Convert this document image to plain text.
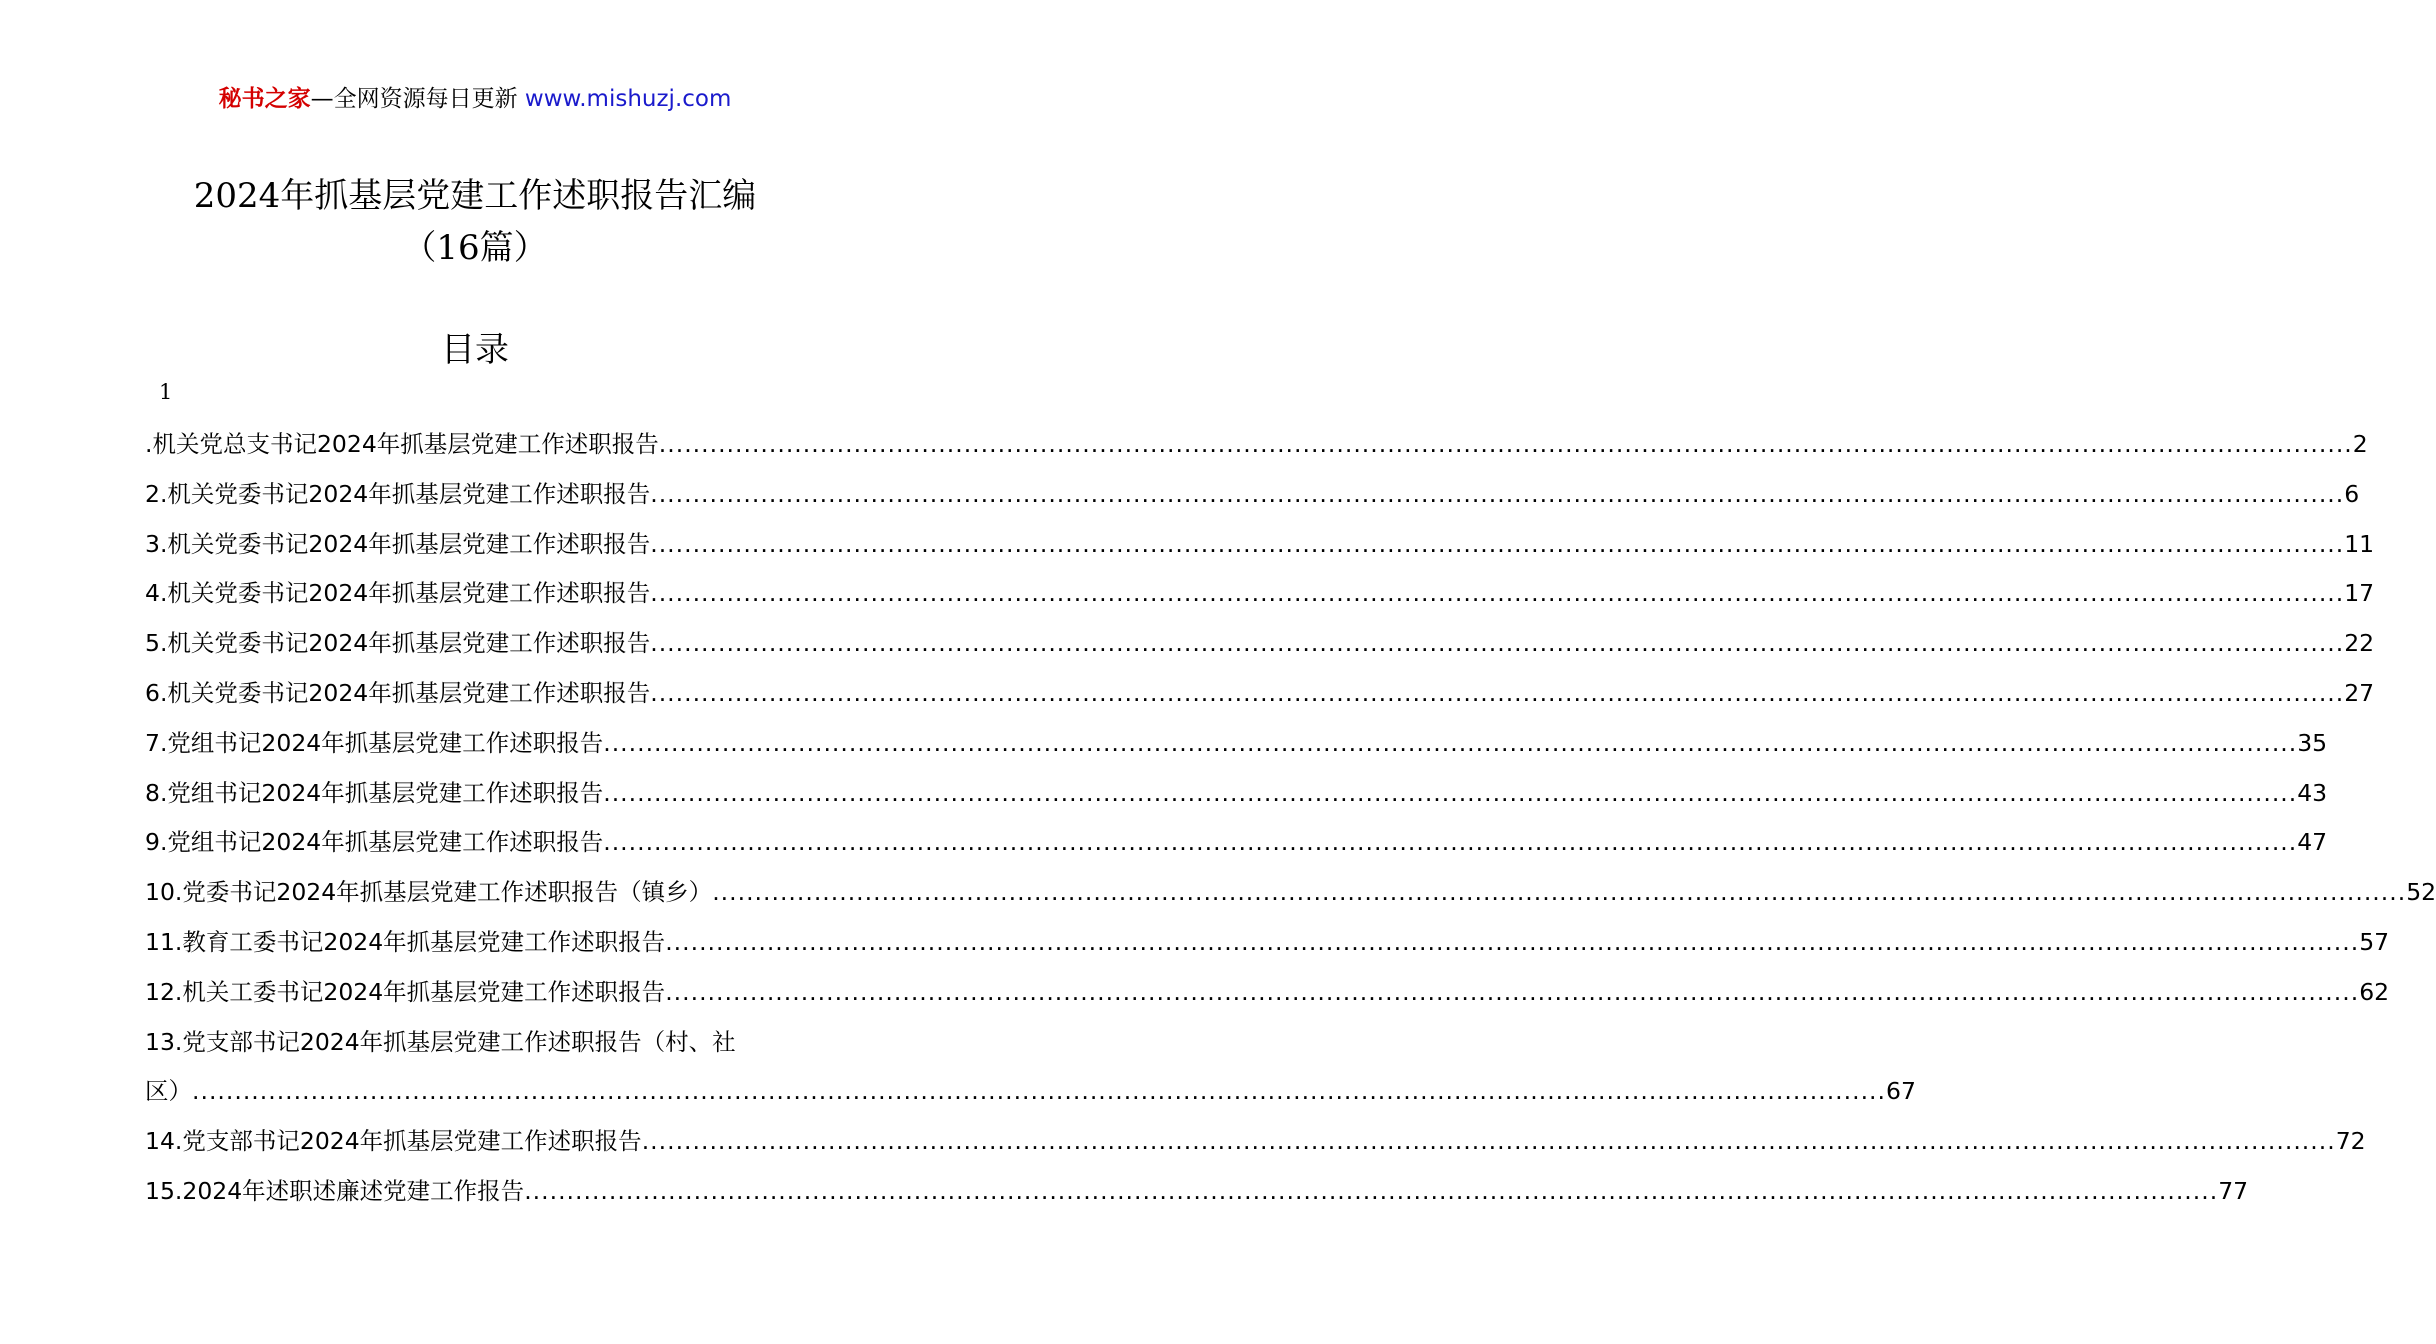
秘书之家—全网资源每日更新 www.mishuzj.com
2024年抓基层党建工作述职报告汇编
（16篇）
目录
1
.机关党总支书记2024年抓基层党建工作述职报告 ........................................................................................................................................................................................................ 2
2.机关党委书记2024年抓基层党建工作述职报告 ........................................................................................................................................................................................................ 6
3.机关党委书记2024年抓基层党建工作述职报告 ........................................................................................................................................................................................................ 11
4.机关党委书记2024年抓基层党建工作述职报告 ........................................................................................................................................................................................................ 17
5.机关党委书记2024年抓基层党建工作述职报告 ........................................................................................................................................................................................................ 22
6.机关党委书记2024年抓基层党建工作述职报告 ........................................................................................................................................................................................................ 27
7.党组书记2024年抓基层党建工作述职报告 ........................................................................................................................................................................................................ 35
8.党组书记2024年抓基层党建工作述职报告 ........................................................................................................................................................................................................ 43
9.党组书记2024年抓基层党建工作述职报告 ........................................................................................................................................................................................................ 47
10.党委书记2024年抓基层党建工作述职报告（镇乡） ........................................................................................................................................................................................................ 52
11.教育工委书记2024年抓基层党建工作述职报告 ........................................................................................................................................................................................................ 57
12.机关工委书记2024年抓基层党建工作述职报告 ........................................................................................................................................................................................................ 62
13.党支部书记2024年抓基层党建工作述职报告（村、社
区） ........................................................................................................................................................................................................ 67
14.党支部书记2024年抓基层党建工作述职报告 ........................................................................................................................................................................................................ 72
15.2024年述职述廉述党建工作报告 ........................................................................................................................................................................................................ 77
